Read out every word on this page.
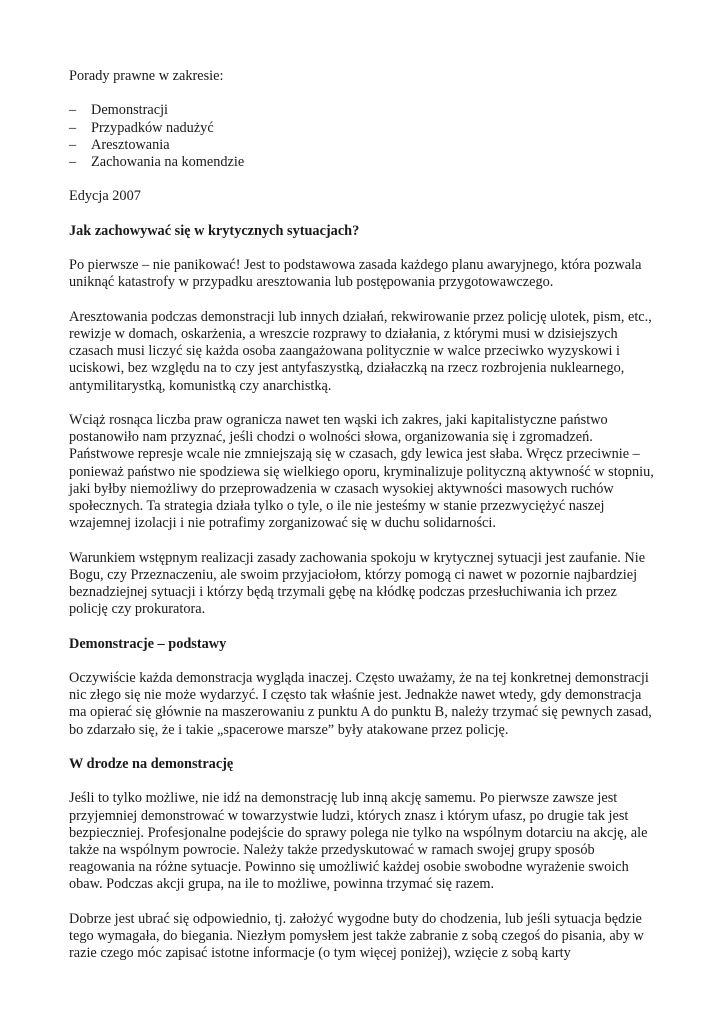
Porady prawne w zakresie:

– Demonstracji
– Przypadków nadużyć
– Aresztowania
– Zachowania na komendzie

Edycja 2007

Jak zachowywać się w krytycznych sytuacjach?

Po pierwsze – nie panikować! Jest to podstawowa zasada każdego planu awaryjnego, która pozwala uniknąć katastrofy w przypadku aresztowania lub postępowania przygotowawczego.

Aresztowania podczas demonstracji lub innych działań, rekwirowanie przez policję ulotek, pism, etc., rewizje w domach, oskarżenia, a wreszcie rozprawy to działania, z którymi musi w dzisiejszych czasach musi liczyć się każda osoba zaangażowana politycznie w walce przeciwko wyzyskowi i uciskowi, bez względu na to czy jest antyfaszystką, działaczką na rzecz rozbrojenia nuklearnego, antymilitarystką, komunistką czy anarchistką.

Wciąż rosnąca liczba praw ogranicza nawet ten wąski ich zakres, jaki kapitalistyczne państwo postanowiło nam przyznać, jeśli chodzi o wolności słowa, organizowania się i zgromadzeń. Państwowe represje wcale nie zmniejszają się w czasach, gdy lewica jest słaba. Wręcz przeciwnie – ponieważ państwo nie spodziewa się wielkiego oporu, kryminalizuje polityczną aktywność w stopniu, jaki byłby niemożliwy do przeprowadzenia w czasach wysokiej aktywności masowych ruchów społecznych. Ta strategia działa tylko o tyle, o ile nie jesteśmy w stanie przezwyciężyć naszej wzajemnej izolacji i nie potrafimy zorganizować się w duchu solidarności.

Warunkiem wstępnym realizacji zasady zachowania spokoju w krytycznej sytuacji jest zaufanie. Nie Bogu, czy Przeznaczeniu, ale swoim przyjaciołom, którzy pomogą ci nawet w pozornie najbardziej beznadziejnej sytuacji i którzy będą trzymali gębę na kłódkę podczas przesłuchiwania ich przez policję czy prokuratora.

Demonstracje – podstawy

Oczywiście każda demonstracja wygląda inaczej. Często uważamy, że na tej konkretnej demonstracji nic złego się nie może wydarzyć. I często tak właśnie jest. Jednakże nawet wtedy, gdy demonstracja ma opierać się głównie na maszerowaniu z punktu A do punktu B, należy trzymać się pewnych zasad, bo zdarzało się, że i takie „spacerowe marsze” były atakowane przez policję.

W drodze na demonstrację

Jeśli to tylko możliwe, nie idź na demonstrację lub inną akcję samemu. Po pierwsze zawsze jest przyjemniej demonstrować w towarzystwie ludzi, których znasz i którym ufasz, po drugie tak jest bezpieczniej. Profesjonalne podejście do sprawy polega nie tylko na wspólnym dotarciu na akcję, ale także na wspólnym powrocie. Należy także przedyskutować w ramach swojej grupy sposób reagowania na różne sytuacje. Powinno się umożliwić każdej osobie swobodne wyrażenie swoich obaw. Podczas akcji grupa, na ile to możliwe, powinna trzymać się razem.

Dobrze jest ubrać się odpowiednio, tj. założyć wygodne buty do chodzenia, lub jeśli sytuacja będzie tego wymagała, do biegania. Niezłym pomysłem jest także zabranie z sobą czegoś do pisania, aby w razie czego móc zapisać istotne informacje (o tym więcej poniżej), wzięcie z sobą karty
